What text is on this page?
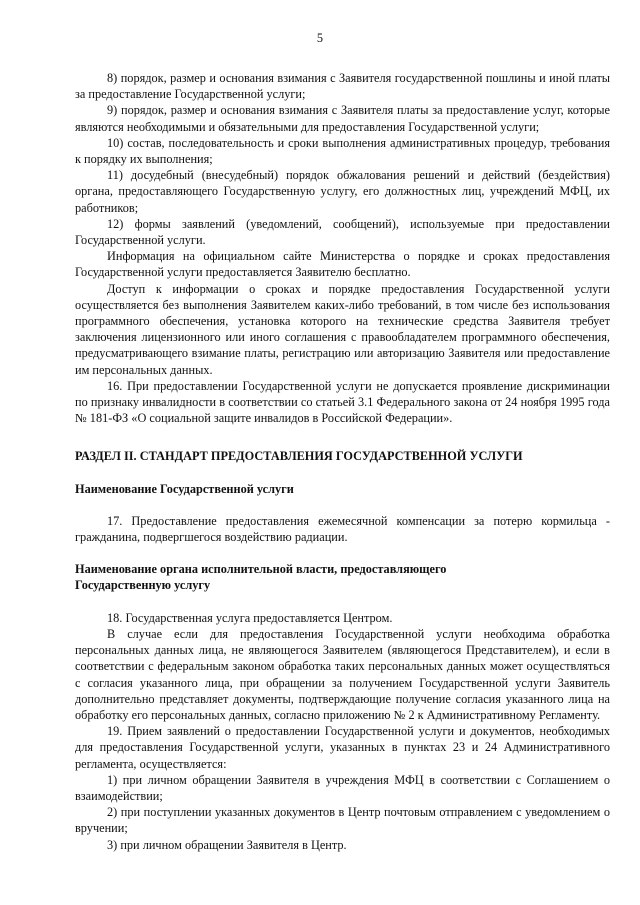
5

8) порядок, размер и основания взимания с Заявителя государственной пошлины и иной платы за предоставление Государственной услуги;

9) порядок, размер и основания взимания с Заявителя платы за предоставление услуг, которые являются необходимыми и обязательными для предоставления Государственной услуги;

10) состав, последовательность и сроки выполнения административных процедур, требования к порядку их выполнения;

11) досудебный (внесудебный) порядок обжалования решений и действий (бездействия) органа, предоставляющего Государственную услугу, его должностных лиц, учреждений МФЦ, их работников;

12) формы заявлений (уведомлений, сообщений), используемые при предоставлении Государственной услуги.

Информация на официальном сайте Министерства о порядке и сроках предоставления Государственной услуги предоставляется Заявителю бесплатно.

Доступ к информации о сроках и порядке предоставления Государственной услуги осуществляется без выполнения Заявителем каких-либо требований, в том числе без использования программного обеспечения, установка которого на технические средства Заявителя требует заключения лицензионного или иного соглашения с правообладателем программного обеспечения, предусматривающего взимание платы, регистрацию или авторизацию Заявителя или предоставление им персональных данных.

16. При предоставлении Государственной услуги не допускается проявление дискриминации по признаку инвалидности в соответствии со статьей 3.1 Федерального закона от 24 ноября 1995 года № 181-ФЗ «О социальной защите инвалидов в Российской Федерации».

РАЗДЕЛ II. СТАНДАРТ ПРЕДОСТАВЛЕНИЯ ГОСУДАРСТВЕННОЙ УСЛУГИ

Наименование Государственной услуги

17. Предоставление предоставления ежемесячной компенсации за потерю кормильца - гражданина, подвергшегося воздействию радиации.

Наименование органа исполнительной власти, предоставляющего

Государственную услугу

18. Государственная услуга предоставляется Центром.

В случае если для предоставления Государственной услуги необходима обработка персональных данных лица, не являющегося Заявителем (являющегося Представителем), и если в соответствии с федеральным законом обработка таких персональных данных может осуществляться с согласия указанного лица, при обращении за получением Государственной услуги Заявитель дополнительно представляет документы, подтверждающие получение согласия указанного лица на обработку его персональных данных, согласно приложению № 2 к Административному Регламенту.

19. Прием заявлений о предоставлении Государственной услуги и документов, необходимых для предоставления Государственной услуги, указанных в пунктах 23 и 24 Административного регламента, осуществляется:

1) при личном обращении Заявителя в учреждения МФЦ в соответствии с Соглашением о взаимодействии;

2) при поступлении указанных документов в Центр почтовым отправлением с уведомлением о вручении;

3) при личном обращении Заявителя в Центр.
